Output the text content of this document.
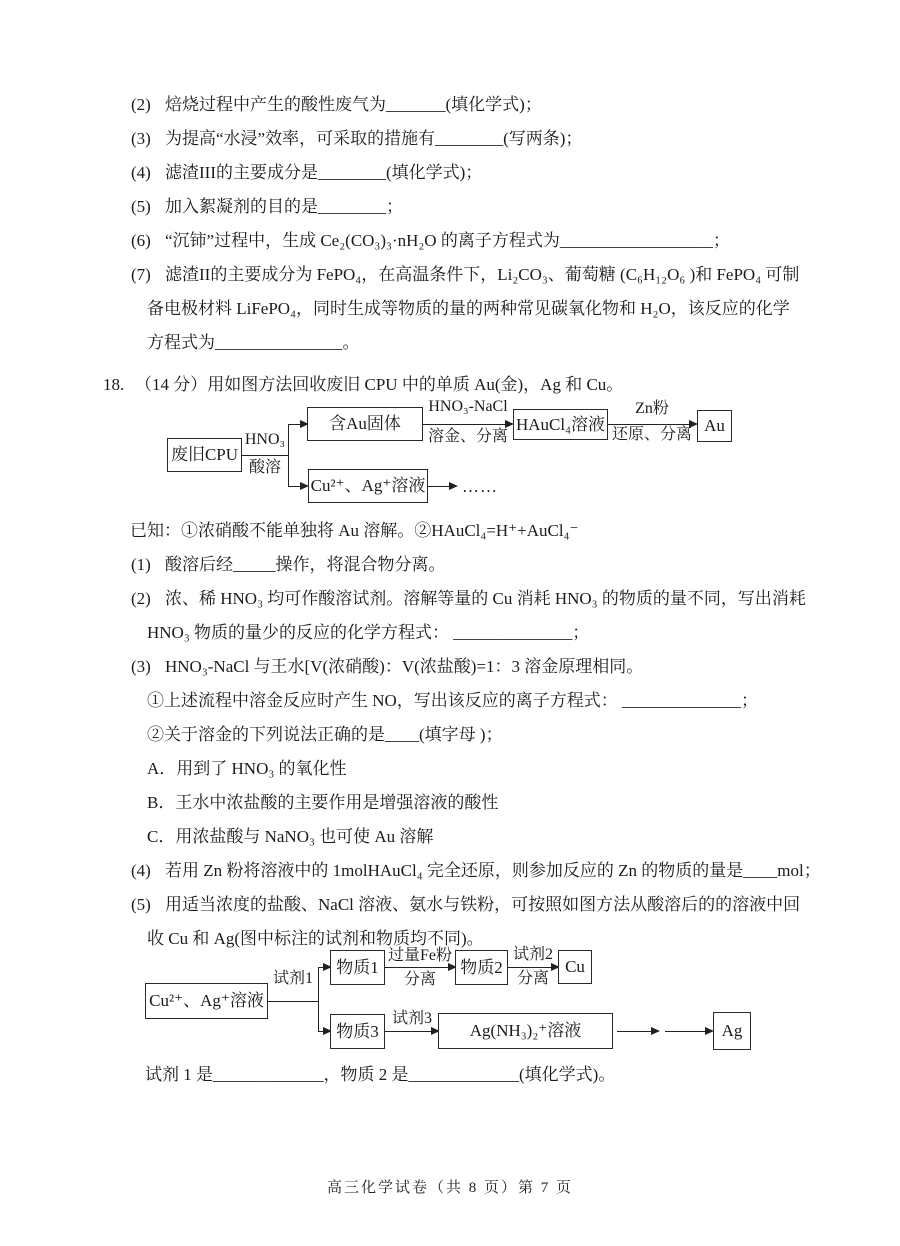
(2) 焙烧过程中产生的酸性废气为_______(填化学式)；
(3) 为提高“水浸”效率，可采取的措施有________(写两条)；
(4) 滤渣III的主要成分是________(填化学式)；
(5) 加入絮凝剂的目的是________；
(6) “沉铈”过程中，生成 Ce₂(CO₃)₃·nH₂O 的离子方程式为__________________；
(7) 滤渣II的主要成分为 FePO₄，在高温条件下，Li₂CO₃、葡萄糖 (C₆H₁₂O₆ )和 FePO₄ 可制
备电极材料 LiFePO₄，同时生成等物质的量的两种常见碳氧化物和 H₂O，该反应的化学
方程式为_______________。
18. （14 分）用如图方法回收废旧 CPU 中的单质 Au(金)，Ag 和 Cu。
废旧CPU
HNO₃
酸溶
含Au固体
HNO₃-NaCl
溶金、分离
HAuCl₄溶液
Zn粉
还原、分离 Au
Cu²⁺、Ag⁺溶液 ……
已知：①浓硝酸不能单独将 Au 溶解。②HAuCl₄=H⁺+AuCl₄⁻
(1) 酸溶后经_____操作，将混合物分离。
(2) 浓、稀 HNO₃ 均可作酸溶试剂。溶解等量的 Cu 消耗 HNO₃ 的物质的量不同，写出消耗
HNO₃ 物质的量少的反应的化学方程式： ______________；
(3) HNO₃-NaCl 与王水[V(浓硝酸)：V(浓盐酸)=1：3 溶金原理相同。
①上述流程中溶金反应时产生 NO，写出该反应的离子方程式： ______________；
②关于溶金的下列说法正确的是____(填字母 )；
A．用到了 HNO₃ 的氧化性
B．王水中浓盐酸的主要作用是增强溶液的酸性
C．用浓盐酸与 NaNO₃ 也可使 Au 溶解
(4) 若用 Zn 粉将溶液中的 1molHAuCl₄ 完全还原，则参加反应的 Zn 的物质的量是____mol；
(5) 用适当浓度的盐酸、NaCl 溶液、氨水与铁粉，可按照如图方法从酸溶后的的溶液中回
收 Cu 和 Ag(图中标注的试剂和物质均不同)。
Cu²⁺、Ag⁺溶液
试剂1
物质1
过量Fe粉
分离
物质2
试剂2
分离
Cu
物质3
试剂3
Ag(NH₃)₂⁺溶液	Ag
试剂 1 是_____________，物质 2 是_____________(填化学式)。
高三化学试卷（共 8 页）第 7 页
